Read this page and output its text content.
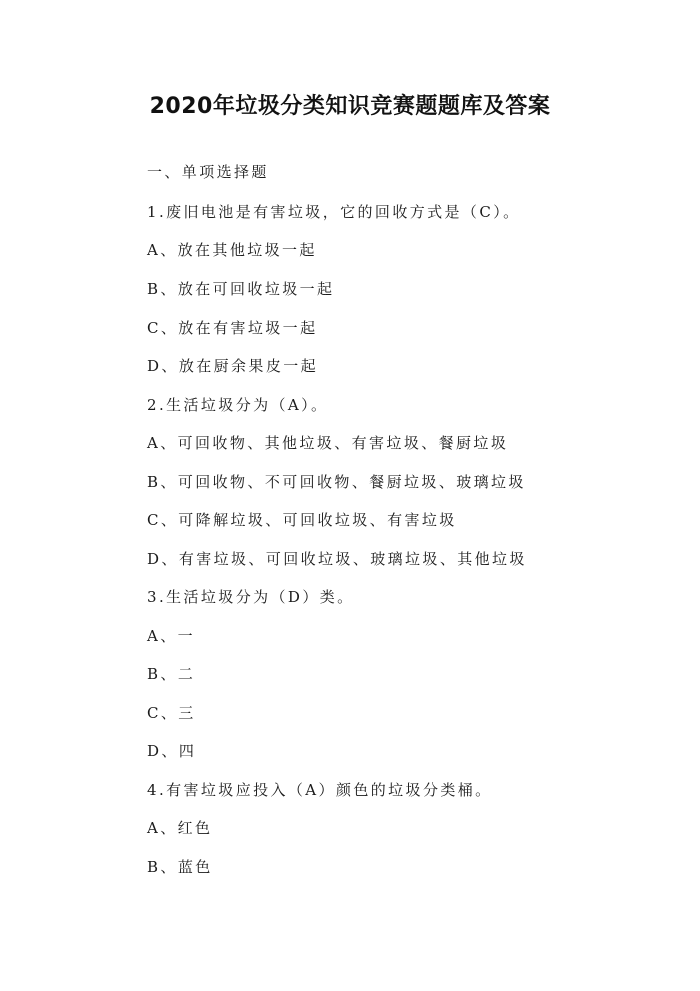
2020年垃圾分类知识竞赛题题库及答案
一、单项选择题
1.废旧电池是有害垃圾，它的回收方式是（C）。
A、放在其他垃圾一起
B、放在可回收垃圾一起
C、放在有害垃圾一起
D、放在厨余果皮一起
2.生活垃圾分为（A）。
A、可回收物、其他垃圾、有害垃圾、餐厨垃圾
B、可回收物、不可回收物、餐厨垃圾、玻璃垃圾
C、可降解垃圾、可回收垃圾、有害垃圾
D、有害垃圾、可回收垃圾、玻璃垃圾、其他垃圾
3.生活垃圾分为（D）类。
A、一
B、二
C、三
D、四
4.有害垃圾应投入（A）颜色的垃圾分类桶。
A、红色
B、蓝色
